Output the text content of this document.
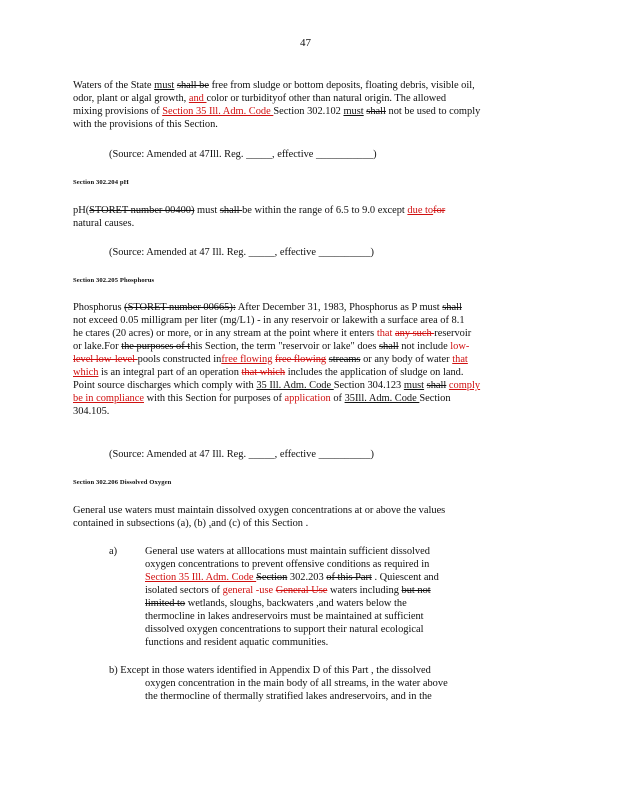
47
Waters of the State must shall be free from sludge or bottom deposits, floating debris, visible oil,
odor, plant or algal growth, and color or turbidityof other than natural origin. The allowed
mixing provisions of Section 35 Ill. Adm. Code Section 302.102 must shall not be used to comply
with the provisions of this Section.
(Source: Amended at 47Ill. Reg. _____, effective ___________)
Section 302.204 pH
pH(STORET number 00400) must shall be within the range of 6.5 to 9.0 except due tofor
natural causes.
(Source: Amended at 47 Ill. Reg. _____, effective __________)
Section 302.205 Phosphorus
Phosphorus (STORET number 00665): After December 31, 1983, Phosphorus as P must shall
not exceed 0.05 milligram per liter (mg/L1) - in any reservoir or lakewith a surface area of 8.1
he ctares (20 acres) or more, or in any stream at the point where it enters that any such reservoir
or lake.For the purposes of this Section, the term "reservoir or lake" does shall not include low-
level low-level pools constructed infree flowing free flowing streams or any body of water that
which is an integral part of an operation that which includes the application of sludge on land.
Point source discharges which comply with 35 Ill. Adm. Code Section 304.123 must shall comply
be in compliance with this Section for purposes of application of 35Ill. Adm. Code Section
304.105.
(Source: Amended at 47 Ill. Reg. _____, effective __________)
Section 302.206 Dissolved Oxygen
General use waters must maintain dissolved oxygen concentrations at or above the values
contained in subsections (a), (b) ,and (c) of this Section .
a)	General use waters at alllocations must maintain sufficient dissolved
oxygen concentrations to prevent offensive conditions as required in
Section 35 Ill. Adm. Code Section 302.203 of this Part . Quiescent and
isolated sectors of general -use General Use waters including but not
limited to wetlands, sloughs, backwaters ,and waters below the
thermocline in lakes andreservoirs must be maintained at sufficient
dissolved oxygen concentrations to support their natural ecological
functions and resident aquatic communities.
b) Except in those waters identified in Appendix D of this Part , the dissolved
oxygen concentration in the main body of all streams, in the water above
the thermocline of thermally stratified lakes andreservoirs, and in the
